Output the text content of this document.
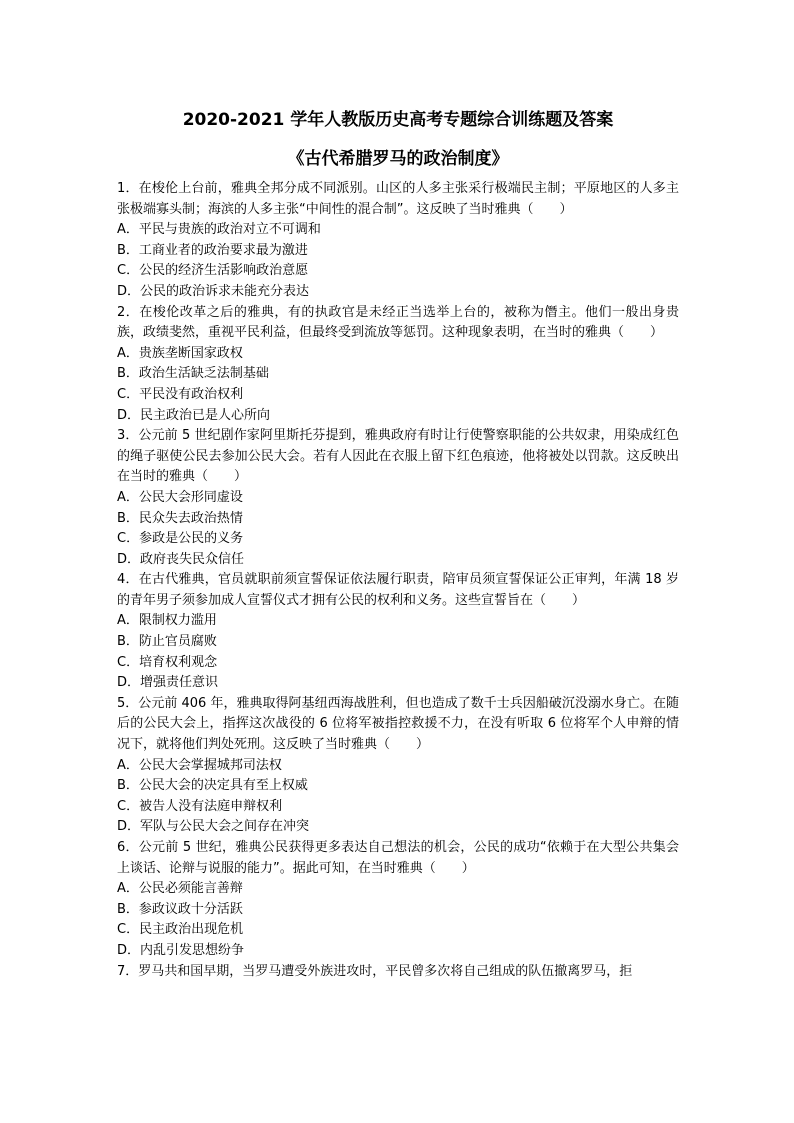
2020-2021 学年人教版历史高考专题综合训练题及答案

《古代希腊罗马的政治制度》

1．在梭伦上台前，雅典全邦分成不同派别。山区的人多主张采行极端民主制；平原地区的人多主张极端寡头制；海滨的人多主张“中间性的混合制”。这反映了当时雅典（　　）

A．平民与贵族的政治对立不可调和

B．工商业者的政治要求最为激进

C．公民的经济生活影响政治意愿

D．公民的政治诉求未能充分表达

2．在梭伦改革之后的雅典，有的执政官是未经正当选举上台的，被称为僭主。他们一般出身贵族，政绩斐然，重视平民利益，但最终受到流放等惩罚。这种现象表明，在当时的雅典（　　）

A．贵族垄断国家政权

B．政治生活缺乏法制基础

C．平民没有政治权利

D．民主政治已是人心所向

3．公元前 5 世纪剧作家阿里斯托芬提到，雅典政府有时让行使警察职能的公共奴隶，用染成红色的绳子驱使公民去参加公民大会。若有人因此在衣服上留下红色痕迹，他将被处以罚款。这反映出在当时的雅典（　　）

A．公民大会形同虚设

B．民众失去政治热情

C．参政是公民的义务

D．政府丧失民众信任

4．在古代雅典，官员就职前须宣誓保证依法履行职责，陪审员须宣誓保证公正审判，年满 18 岁的青年男子须参加成人宣誓仪式才拥有公民的权利和义务。这些宣誓旨在（　　）

A．限制权力滥用

B．防止官员腐败

C．培育权利观念

D．增强责任意识

5．公元前 406 年，雅典取得阿基纽西海战胜利，但也造成了数千士兵因船破沉没溺水身亡。在随后的公民大会上，指挥这次战役的 6 位将军被指控救援不力，在没有听取 6 位将军个人申辩的情况下，就将他们判处死刑。这反映了当时雅典（　　）

A．公民大会掌握城邦司法权

B．公民大会的决定具有至上权威

C．被告人没有法庭申辩权利

D．军队与公民大会之间存在冲突

6．公元前 5 世纪，雅典公民获得更多表达自己想法的机会，公民的成功“依赖于在大型公共集会上谈话、论辩与说服的能力”。据此可知，在当时雅典（　　）

A．公民必须能言善辩

B．参政议政十分活跃

C．民主政治出现危机

D．内乱引发思想纷争

7．罗马共和国早期，当罗马遭受外族进攻时，平民曾多次将自己组成的队伍撤离罗马，拒
